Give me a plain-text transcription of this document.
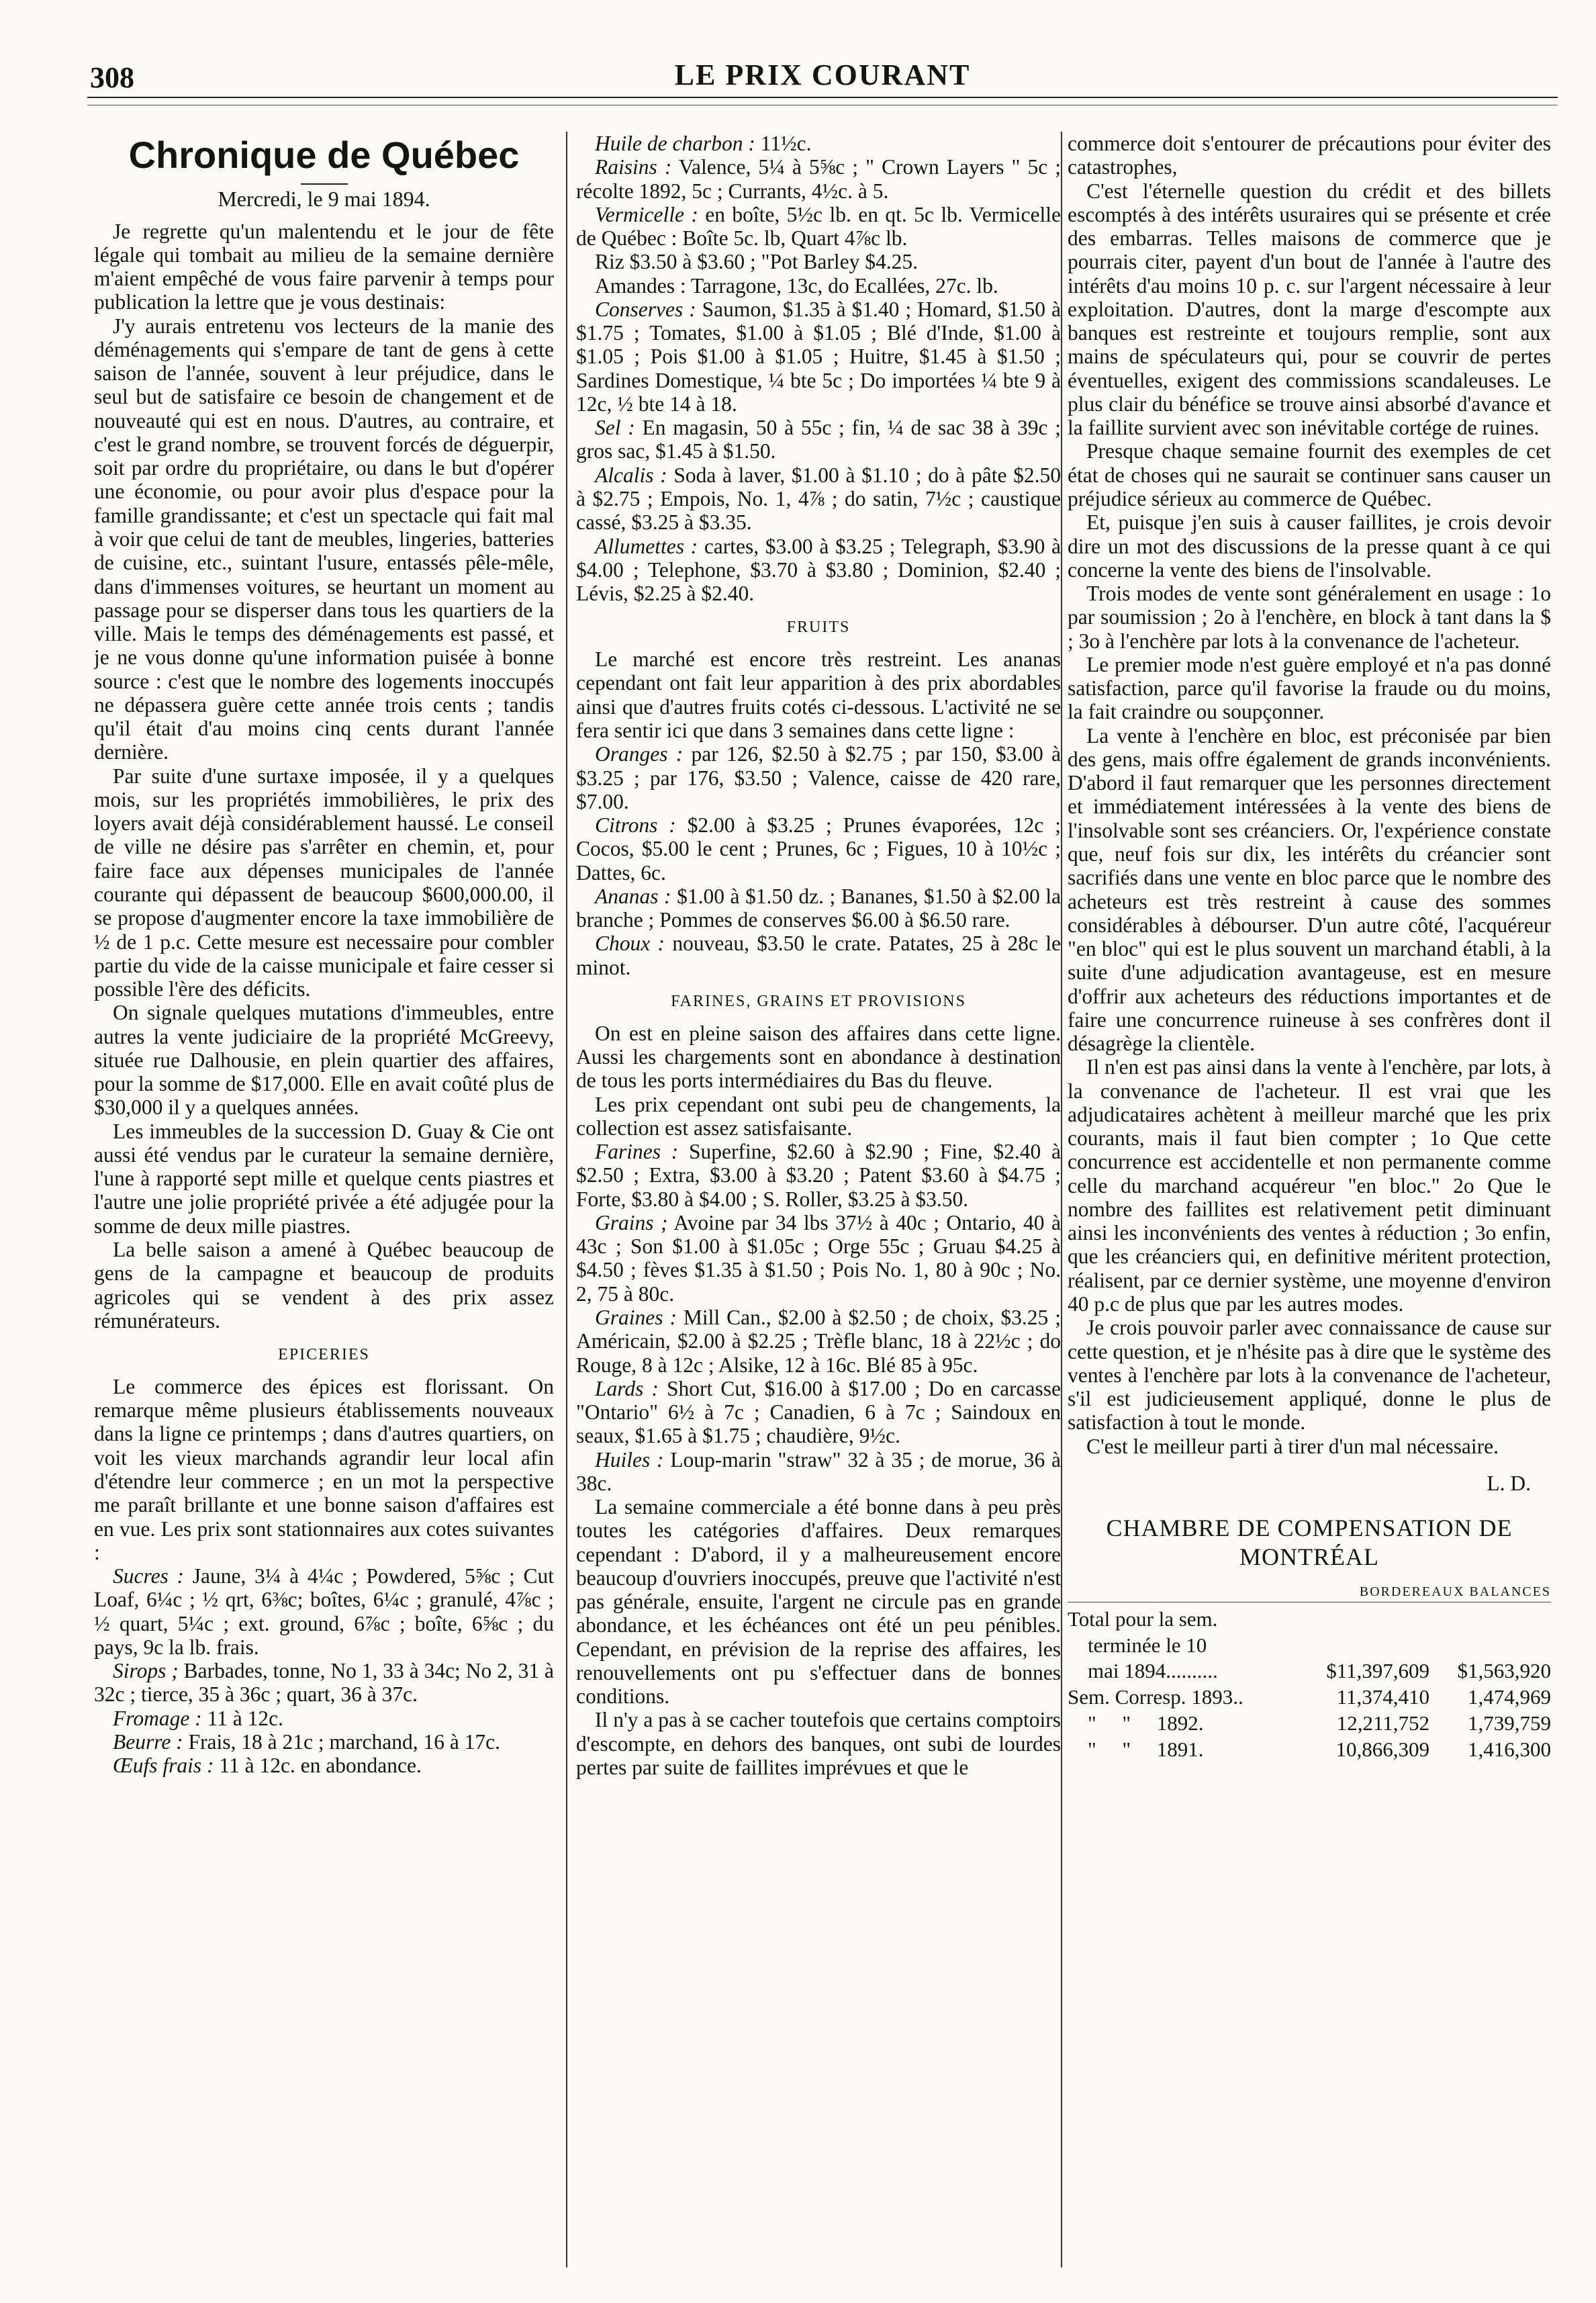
308	LE PRIX COURANT
Chronique de Québec
Mercredi, le 9 mai 1894.

Je regrette qu'un malentendu et le jour de fête légale qui tombait au milieu de la semaine dernière m'aient empêché de vous faire parvenir à temps pour publication la lettre que je vous destinais:

J'y aurais entretenu vos lecteurs de la manie des déménagements qui s'empare de tant de gens à cette saison de l'année, souvent à leur préjudice, dans le seul but de satisfaire ce besoin de changement et de nouveauté qui est en nous. D'autres, au contraire, et c'est le grand nombre, se trouvent forcés de déguerpir, soit par ordre du propriétaire, ou dans le but d'opérer une économie, ou pour avoir plus d'espace pour la famille grandissante; et c'est un spectacle qui fait mal à voir que celui de tant de meubles, lingeries, batteries de cuisine, etc., suintant l'usure, entassés pêle-mêle, dans d'immenses voitures, se heurtant un moment au passage pour se disperser dans tous les quartiers de la ville. Mais le temps des déménagements est passé, et je ne vous donne qu'une information puisée à bonne source : c'est que le nombre des logements inoccupés ne dépassera guère cette année trois cents ; tandis qu'il était d'au moins cinq cents durant l'année dernière.

Par suite d'une surtaxe imposée, il y a quelques mois, sur les propriétés immobilières, le prix des loyers avait déjà considérablement haussé. Le conseil de ville ne désire pas s'arrêter en chemin, et, pour faire face aux dépenses municipales de l'année courante qui dépassent de beaucoup $600,000.00, il se propose d'augmenter encore la taxe immobilière de ½ de 1 p.c. Cette mesure est necessaire pour combler partie du vide de la caisse municipale et faire cesser si possible l'ère des déficits.

On signale quelques mutations d'immeubles, entre autres la vente judiciaire de la propriété McGreevy, située rue Dalhousie, en plein quartier des affaires, pour la somme de $17,000. Elle en avait coûté plus de $30,000 il y a quelques années.

Les immeubles de la succession D. Guay & Cie ont aussi été vendus par le curateur la semaine dernière, l'une à rapporté sept mille et quelque cents piastres et l'autre une jolie propriété privée a été adjugée pour la somme de deux mille piastres.

La belle saison a amené à Québec beaucoup de gens de la campagne et beaucoup de produits agricoles qui se vendent à des prix assez rémunérateurs.

EPICERIES

Le commerce des épices est florissant. On remarque même plusieurs établissements nouveaux dans la ligne ce printemps ; dans d'autres quartiers, on voit les vieux marchands agrandir leur local afin d'étendre leur commerce ; en un mot la perspective me paraît brillante et une bonne saison d'affaires est en vue. Les prix sont stationnaires aux cotes suivantes :

Sucres : Jaune, 3¼ à 4¼c ; Powdered, 5⅝c ; Cut Loaf, 6¼c ; ½ qrt, 6⅜c; boîtes, 6¼c ; granulé, 4⅞c ; ½ quart, 5¼c ; ext. ground, 6⅞c ; boîte, 6⅝c ; du pays, 9c la lb. frais.

Sirops ; Barbades, tonne, No 1, 33 à 34c; No 2, 31 à 32c ; tierce, 35 à 36c ; quart, 36 à 37c.

Fromage : 11 à 12c.

Beurre : Frais, 18 à 21c ; marchand, 16 à 17c.

Œufs frais : 11 à 12c. en abondance.

Huile de charbon : 11½c.

Raisins : Valence, 5¼ à 5⅝c ; " Crown Layers " 5c ; récolte 1892, 5c ; Currants, 4½c. à 5.

Vermicelle : en boîte, 5½c lb. en qt. 5c lb. Vermicelle de Québec : Boîte 5c. lb, Quart 4⅞c lb.

Riz $3.50 à $3.60 ; "Pot Barley $4.25.

Amandes : Tarragone, 13c, do Ecallées, 27c. lb.

Conserves : Saumon, $1.35 à $1.40 ; Homard, $1.50 à $1.75 ; Tomates, $1.00 à $1.05 ; Blé d'Inde, $1.00 à $1.05 ; Pois $1.00 à $1.05 ; Huitre, $1.45 à $1.50 ; Sardines Domestique, ¼ bte 5c ; Do importées ¼ bte 9 à 12c, ½ bte 14 à 18.

Sel : En magasin, 50 à 55c ; fin, ¼ de sac 38 à 39c ; gros sac, $1.45 à $1.50.

Alcalis : Soda à laver, $1.00 à $1.10 ; do à pâte $2.50 à $2.75 ; Empois, No. 1, 4⅞ ; do satin, 7½c ; caustique cassé, $3.25 à $3.35.

Allumettes : cartes, $3.00 à $3.25 ; Telegraph, $3.90 à $4.00 ; Telephone, $3.70 à $3.80 ; Dominion, $2.40 ; Lévis, $2.25 à $2.40.

FRUITS

Le marché est encore très restreint. Les ananas cependant ont fait leur apparition à des prix abordables ainsi que d'autres fruits cotés ci-dessous. L'activité ne se fera sentir ici que dans 3 semaines dans cette ligne :

Oranges : par 126, $2.50 à $2.75 ; par 150, $3.00 à $3.25 ; par 176, $3.50 ; Valence, caisse de 420 rare, $7.00.

Citrons : $2.00 à $3.25 ; Prunes évaporées, 12c ; Cocos, $5.00 le cent ; Prunes, 6c ; Figues, 10 à 10½c ; Dattes, 6c.

Ananas : $1.00 à $1.50 dz. ; Bananes, $1.50 à $2.00 la branche ; Pommes de conserves $6.00 à $6.50 rare.

Choux : nouveau, $3.50 le crate. Patates, 25 à 28c le minot.

FARINES, GRAINS ET PROVISIONS

On est en pleine saison des affaires dans cette ligne. Aussi les chargements sont en abondance à destination de tous les ports intermédiaires du Bas du fleuve.

Les prix cependant ont subi peu de changements, la collection est assez satisfaisante.

Farines : Superfine, $2.60 à $2.90 ; Fine, $2.40 à $2.50 ; Extra, $3.00 à $3.20 ; Patent $3.60 à $4.75 ; Forte, $3.80 à $4.00 ; S. Roller, $3.25 à $3.50.

Grains ; Avoine par 34 lbs 37½ à 40c ; Ontario, 40 à 43c ; Son $1.00 à $1.05c ; Orge 55c ; Gruau $4.25 à $4.50 ; fèves $1.35 à $1.50 ; Pois No. 1, 80 à 90c ; No. 2, 75 à 80c.

Graines : Mill Can., $2.00 à $2.50 ; de choix, $3.25 ; Américain, $2.00 à $2.25 ; Trèfle blanc, 18 à 22½c ; do Rouge, 8 à 12c ; Alsike, 12 à 16c. Blé 85 à 95c.

Lards : Short Cut, $16.00 à $17.00 ; Do en carcasse "Ontario" 6½ à 7c ; Canadien, 6 à 7c ; Saindoux en seaux, $1.65 à $1.75 ; chaudière, 9½c.

Huiles : Loup-marin "straw" 32 à 35 ; de morue, 36 à 38c.

La semaine commerciale a été bonne dans à peu près toutes les catégories d'affaires. Deux remarques cependant : D'abord, il y a malheureusement encore beaucoup d'ouvriers inoccupés, preuve que l'activité n'est pas générale, ensuite, l'argent ne circule pas en grande abondance, et les échéances ont été un peu pénibles. Cependant, en prévision de la reprise des affaires, les renouvellements ont pu s'effectuer dans de bonnes conditions.

Il n'y a pas à se cacher toutefois que certains comptoirs d'escompte, en dehors des banques, ont subi de lourdes pertes par suite de faillites imprévues et que le

commerce doit s'entourer de précautions pour éviter des catastrophes,

C'est l'éternelle question du crédit et des billets escomptés à des intérêts usuraires qui se présente et crée des embarras. Telles maisons de commerce que je pourrais citer, payent d'un bout de l'année à l'autre des intérêts d'au moins 10 p. c. sur l'argent nécessaire à leur exploitation. D'autres, dont la marge d'escompte aux banques est restreinte et toujours remplie, sont aux mains de spéculateurs qui, pour se couvrir de pertes éventuelles, exigent des commissions scandaleuses. Le plus clair du bénéfice se trouve ainsi absorbé d'avance et la faillite survient avec son inévitable cortége de ruines.

Presque chaque semaine fournit des exemples de cet état de choses qui ne saurait se continuer sans causer un préjudice sérieux au commerce de Québec.

Et, puisque j'en suis à causer faillites, je crois devoir dire un mot des discussions de la presse quant à ce qui concerne la vente des biens de l'insolvable.

Trois modes de vente sont généralement en usage : 1o par soumission ; 2o à l'enchère, en block à tant dans la $ ; 3o à l'enchère par lots à la convenance de l'acheteur.

Le premier mode n'est guère employé et n'a pas donné satisfaction, parce qu'il favorise la fraude ou du moins, la fait craindre ou soupçonner.

La vente à l'enchère en bloc, est préconisée par bien des gens, mais offre également de grands inconvénients. D'abord il faut remarquer que les personnes directement et immédiatement intéressées à la vente des biens de l'insolvable sont ses créanciers. Or, l'expérience constate que, neuf fois sur dix, les intérêts du créancier sont sacrifiés dans une vente en bloc parce que le nombre des acheteurs est très restreint à cause des sommes considérables à débourser. D'un autre côté, l'acquéreur "en bloc" qui est le plus souvent un marchand établi, à la suite d'une adjudication avantageuse, est en mesure d'offrir aux acheteurs des réductions importantes et de faire une concurrence ruineuse à ses confrères dont il désagrège la clientèle.

Il n'en est pas ainsi dans la vente à l'enchère, par lots, à la convenance de l'acheteur. Il est vrai que les adjudicataires achètent à meilleur marché que les prix courants, mais il faut bien compter ; 1o Que cette concurrence est accidentelle et non permanente comme celle du marchand acquéreur "en bloc." 2o Que le nombre des faillites est relativement petit diminuant ainsi les inconvénients des ventes à réduction ; 3o enfin, que les créanciers qui, en definitive méritent protection, réalisent, par ce dernier système, une moyenne d'environ 40 p.c de plus que par les autres modes.

Je crois pouvoir parler avec connaissance de cause sur cette question, et je n'hésite pas à dire que le système des ventes à l'enchère par lots à la convenance de l'acheteur, s'il est judicieusement appliqué, donne le plus de satisfaction à tout le monde.

C'est le meilleur parti à tirer d'un mal nécessaire.

L. D.
CHAMBRE DE COMPENSATION DE MONTRÉAL
BORDEREAUX BALANCES
Total pour la sem.		
terminée le 10		
mai 1894..........	$11,397,609	$1,563,920
Sem. Corresp. 1893..	11,374,410	1,474,969
"     "     1892.	12,211,752	1,739,759
"     "     1891.	10,866,309	1,416,300
